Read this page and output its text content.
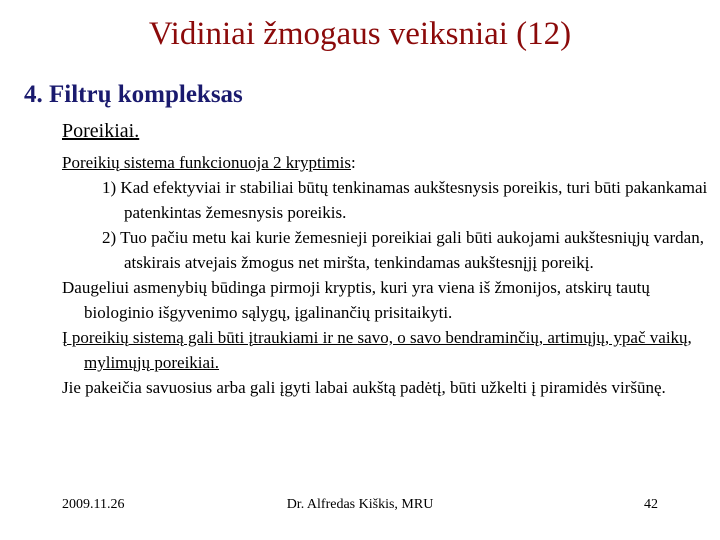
Vidiniai žmogaus veiksniai (12)
4. Filtrų kompleksas
Poreikiai.

Poreikių sistema funkcionuoja 2 kryptimis:

1) Kad efektyviai ir stabiliai būtų tenkinamas aukštesnysis poreikis, turi būti pakankamai patenkintas žemesnysis poreikis.

2) Tuo pačiu metu kai kurie žemesnieji poreikiai gali būti aukojami aukštesniųjų vardan, atskirais atvejais žmogus net miršta, tenkindamas aukštesnįjį poreikį.

Daugeliui asmenybių būdinga pirmoji kryptis, kuri yra viena iš žmonijos, atskirų tautų biologinio išgyvenimo sąlygų, įgalinančių prisitaikyti.

Į poreikių sistemą gali būti įtraukiami ir ne savo, o savo bendraminčių, artimųjų, ypač vaikų, mylimųjų poreikiai.

Jie pakeičia savuosius arba gali įgyti labai aukštą padėtį, būti užkelti į piramidės viršūnę.

2009.11.26	Dr. Alfredas Kiškis, MRU	42
